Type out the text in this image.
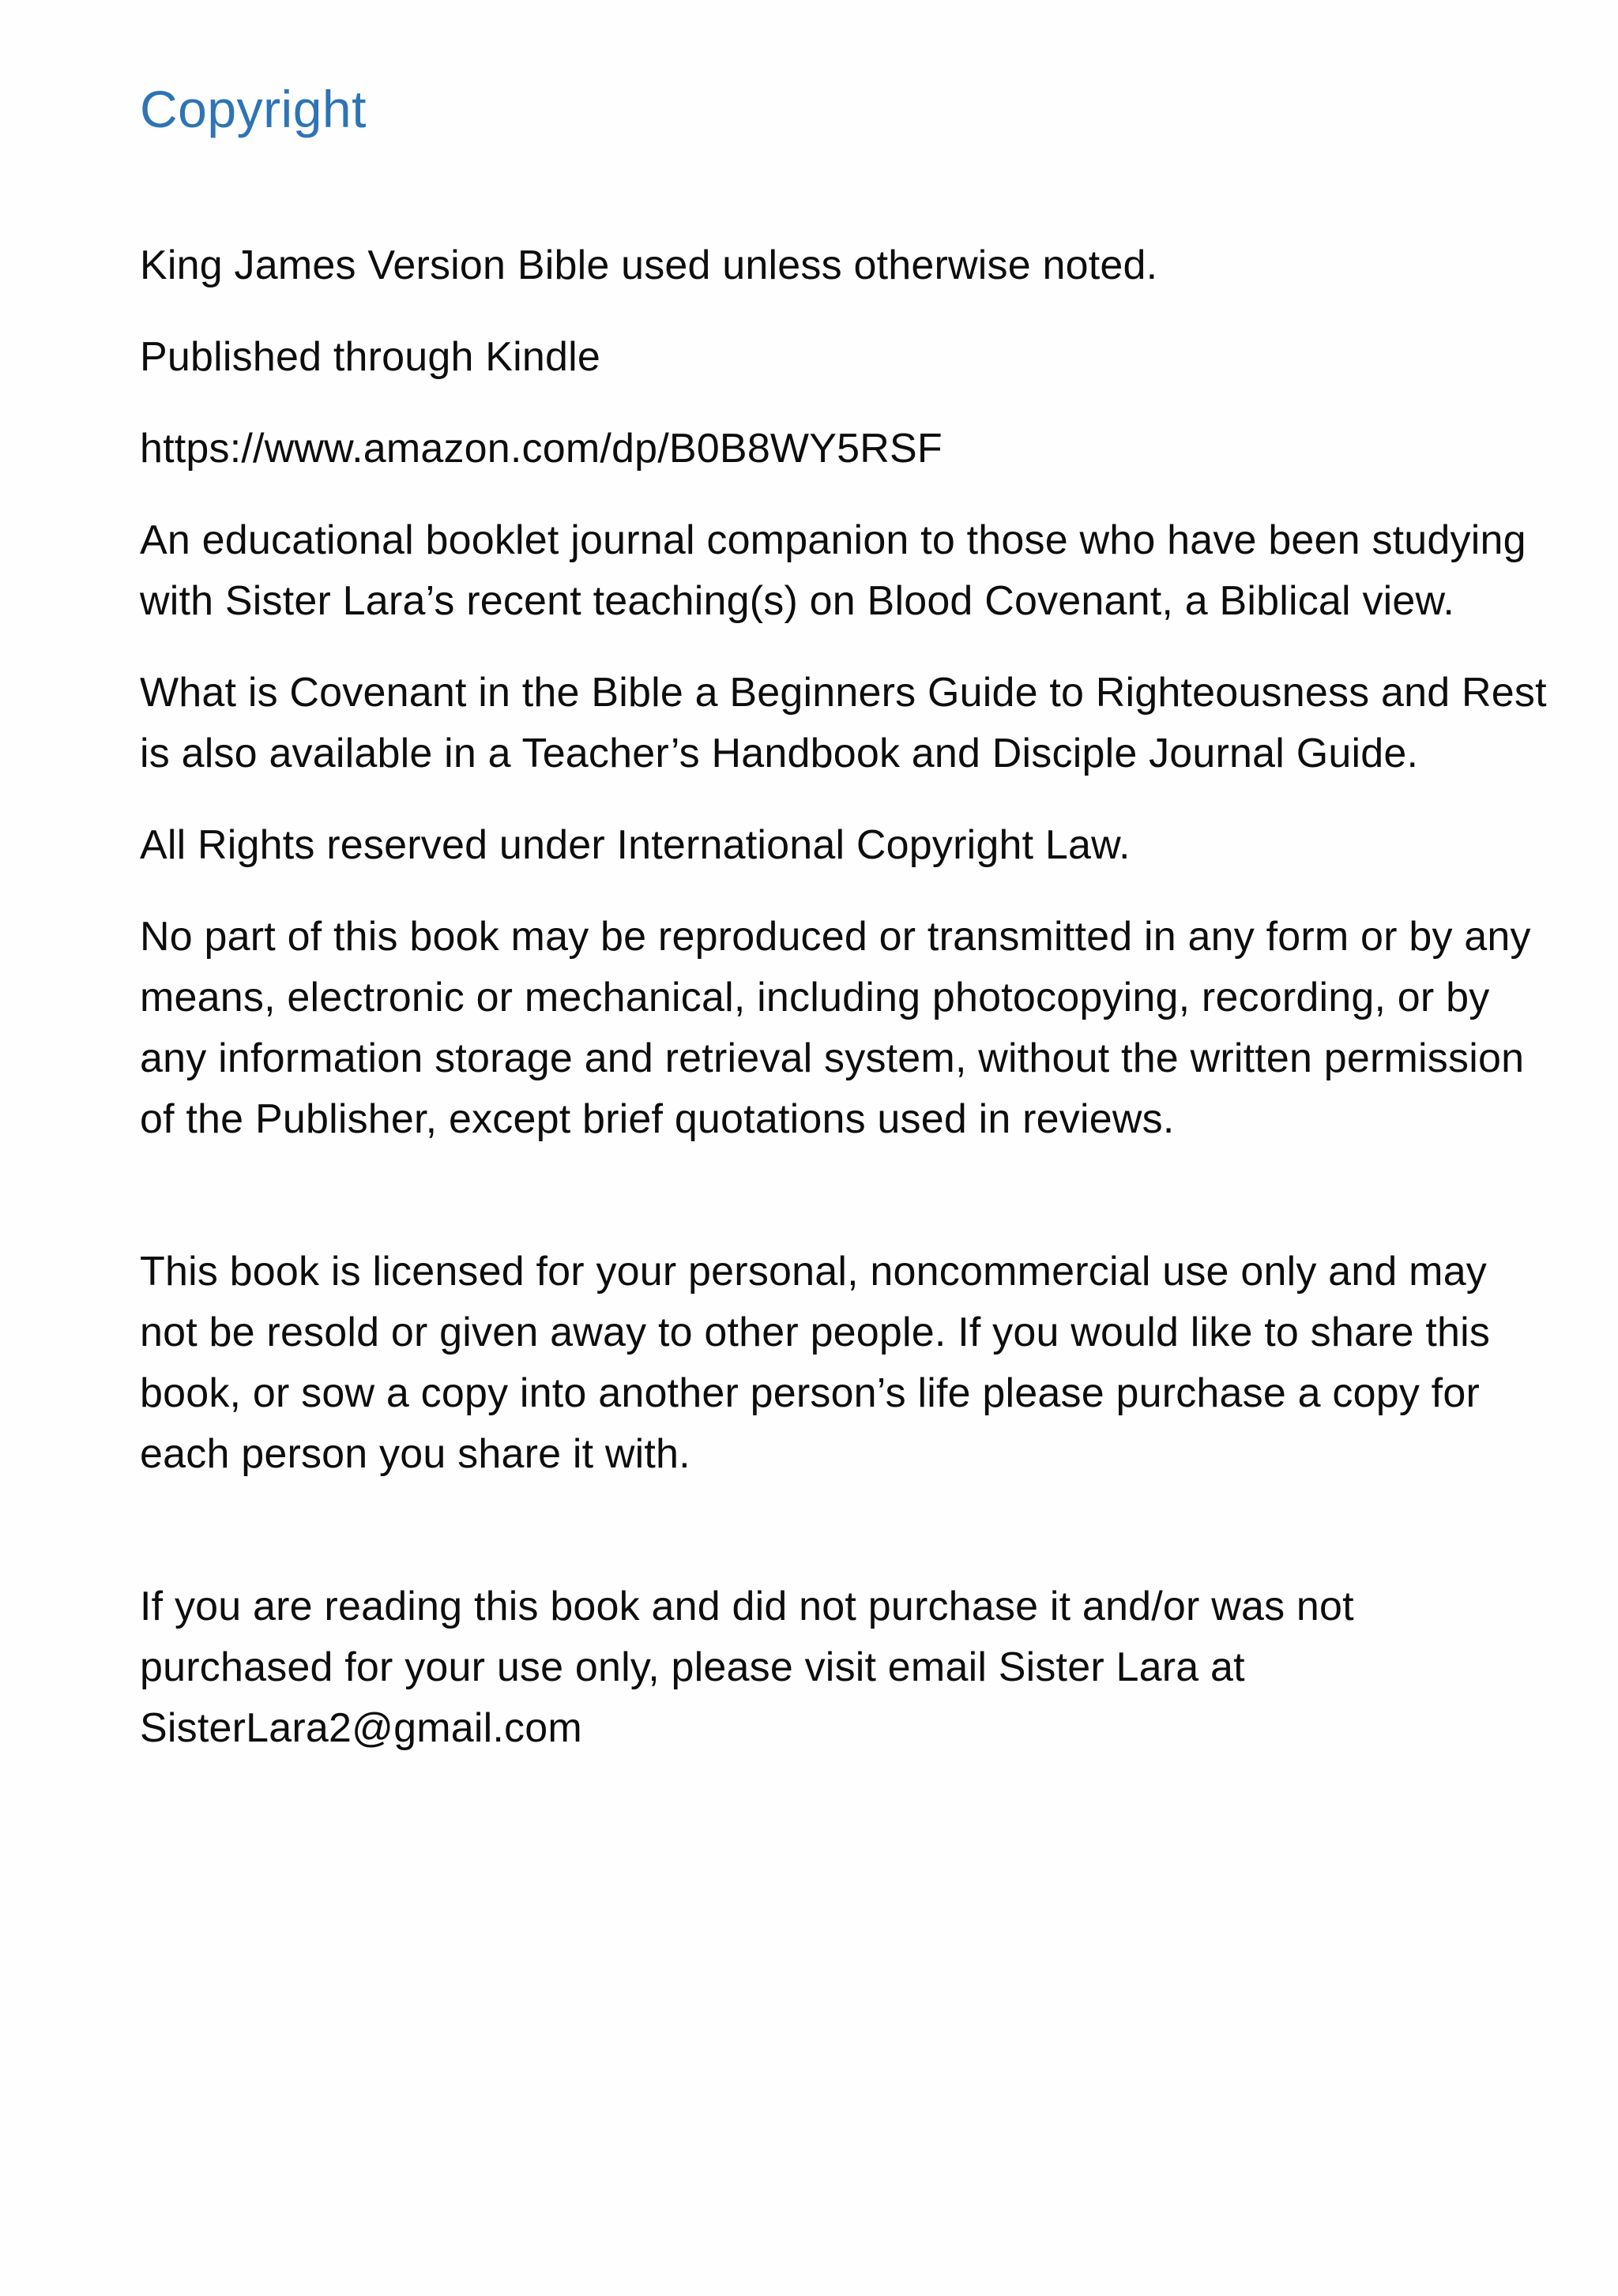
Copyright

King James Version Bible used unless otherwise noted.

Published through Kindle

https://www.amazon.com/dp/B0B8WY5RSF

An educational booklet journal companion to those who have been studying with Sister Lara’s recent teaching(s) on Blood Covenant, a Biblical view.

What is Covenant in the Bible a Beginners Guide to Righteousness and Rest is also available in a Teacher’s Handbook and Disciple Journal Guide.

All Rights reserved under International Copyright Law.

No part of this book may be reproduced or transmitted in any form or by any means, electronic or mechanical, including photocopying, recording, or by any information storage and retrieval system, without the written permission of the Publisher, except brief quotations used in reviews.

This book is licensed for your personal, noncommercial use only and may not be resold or given away to other people. If you would like to share this book, or sow a copy into another person’s life please purchase a copy for each person you share it with.

If you are reading this book and did not purchase it and/or was not purchased for your use only, please visit email Sister Lara at SisterLara2@gmail.com
